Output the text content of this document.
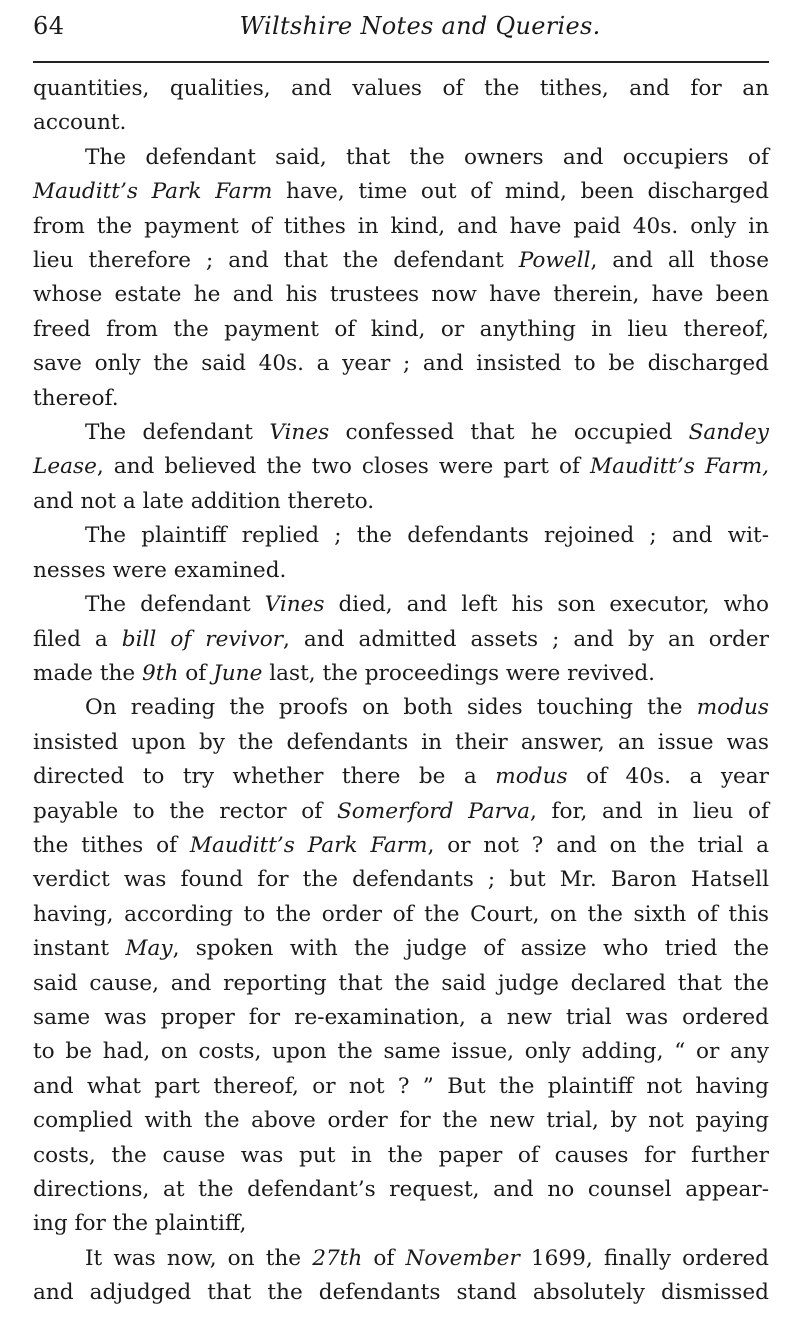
64	Wiltshire Notes and Queries.
quantities, qualities, and values of the tithes, and for an
account.
The defendant said, that the owners and occupiers of
Mauditt’s Park Farm have, time out of mind, been discharged
from the payment of tithes in kind, and have paid 40s. only in
lieu therefore ; and that the defendant Powell, and all those
whose estate he and his trustees now have therein, have been
freed from the payment of kind, or anything in lieu thereof,
save only the said 40s. a year ; and insisted to be discharged
thereof.
The defendant Vines confessed that he occupied Sandey
Lease, and believed the two closes were part of Mauditt’s Farm,
and not a late addition thereto.
The plaintiff replied ; the defendants rejoined ; and wit-
nesses were examined.
The defendant Vines died, and left his son executor, who
filed a bill of revivor, and admitted assets ; and by an order
made the 9th of June last, the proceedings were revived.
On reading the proofs on both sides touching the modus
insisted upon by the defendants in their answer, an issue was
directed to try whether there be a modus of 40s. a year
payable to the rector of Somerford Parva, for, and in lieu of
the tithes of Mauditt’s Park Farm, or not ? and on the trial a
verdict was found for the defendants ; but Mr. Baron Hatsell
having, according to the order of the Court, on the sixth of this
instant May, spoken with the judge of assize who tried the
said cause, and reporting that the said judge declared that the
same was proper for re-examination, a new trial was ordered
to be had, on costs, upon the same issue, only adding, “ or any
and what part thereof, or not ? ” But the plaintiff not having
complied with the above order for the new trial, by not paying
costs, the cause was put in the paper of causes for further
directions, at the defendant’s request, and no counsel appear-
ing for the plaintiff,
It was now, on the 27th of November 1699, finally ordered
and adjudged that the defendants stand absolutely dismissed
